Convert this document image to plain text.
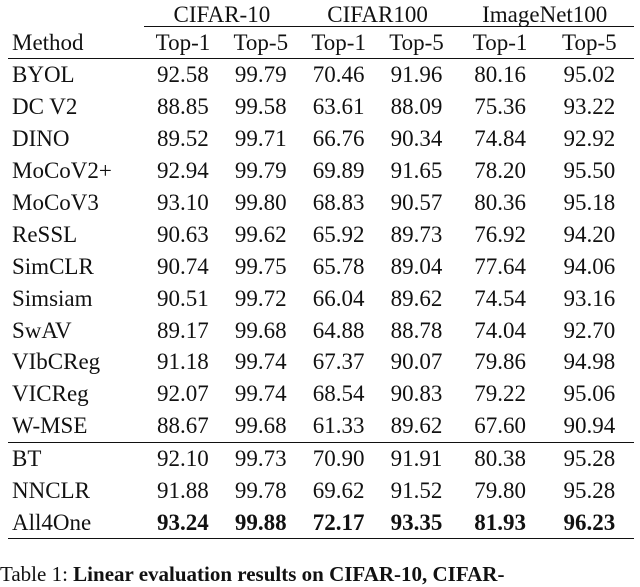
	CIFAR-10		CIFAR100		ImageNet100	
Method	Top-1	Top-5	Top-1	Top-5	Top-1	Top-5
BYOL	92.58	99.79	70.46	91.96	80.16	95.02
DC V2	88.85	99.58	63.61	88.09	75.36	93.22
DINO	89.52	99.71	66.76	90.34	74.84	92.92
MoCoV2+	92.94	99.79	69.89	91.65	78.20	95.50
MoCoV3	93.10	99.80	68.83	90.57	80.36	95.18
ReSSL	90.63	99.62	65.92	89.73	76.92	94.20
SimCLR	90.74	99.75	65.78	89.04	77.64	94.06
Simsiam	90.51	99.72	66.04	89.62	74.54	93.16
SwAV	89.17	99.68	64.88	88.78	74.04	92.70
VIbCReg	91.18	99.74	67.37	90.07	79.86	94.98
VICReg	92.07	99.74	68.54	90.83	79.22	95.06
W-MSE	88.67	99.68	61.33	89.62	67.60	90.94
BT	92.10	99.73	70.90	91.91	80.38	95.28
NNCLR	91.88	99.78	69.62	91.52	79.80	95.28
All4One	93.24	99.88	72.17	93.35	81.93	96.23
Table 1: Linear evaluation results on CIFAR-10, CIFAR-
